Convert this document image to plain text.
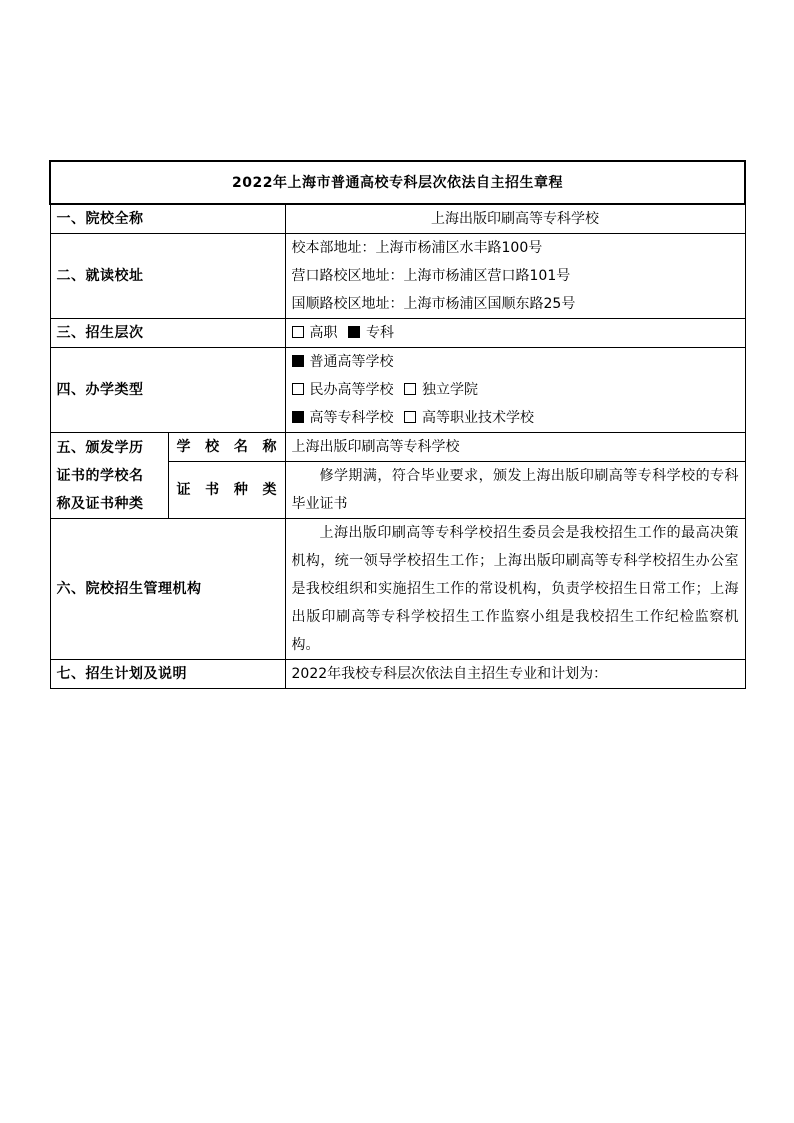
2022年上海市普通高校专科层次依法自主招生章程		
一、院校全称		上海出版印刷高等专科学校
二、就读校址		校本部地址：上海市杨浦区水丰路100号
营口路校区地址：上海市杨浦区营口路101号
国顺路校区地址：上海市杨浦区国顺东路25号

三、招生层次		高职 专科
四、办学类型		普通高等学校
民办高等学校 独立学院
高等专科学校 高等职业技术学校

五、颁发学历
证书的学校名
称及证书种类	学 校 名 称	上海出版印刷高等专科学校
	证 书 种 类	修学期满，符合毕业要求，颁发上海出版印刷高等专科学校的专科毕业证书
六、院校招生管理机构		上海出版印刷高等专科学校招生委员会是我校招生工作的最高决策机构，统一领导学校招生工作；上海出版印刷高等专科学校招生办公室是我校组织和实施招生工作的常设机构，负责学校招生日常工作；上海出版印刷高等专科学校招生工作监察小组是我校招生工作纪检监察机构。
七、招生计划及说明		2022年我校专科层次依法自主招生专业和计划为：
